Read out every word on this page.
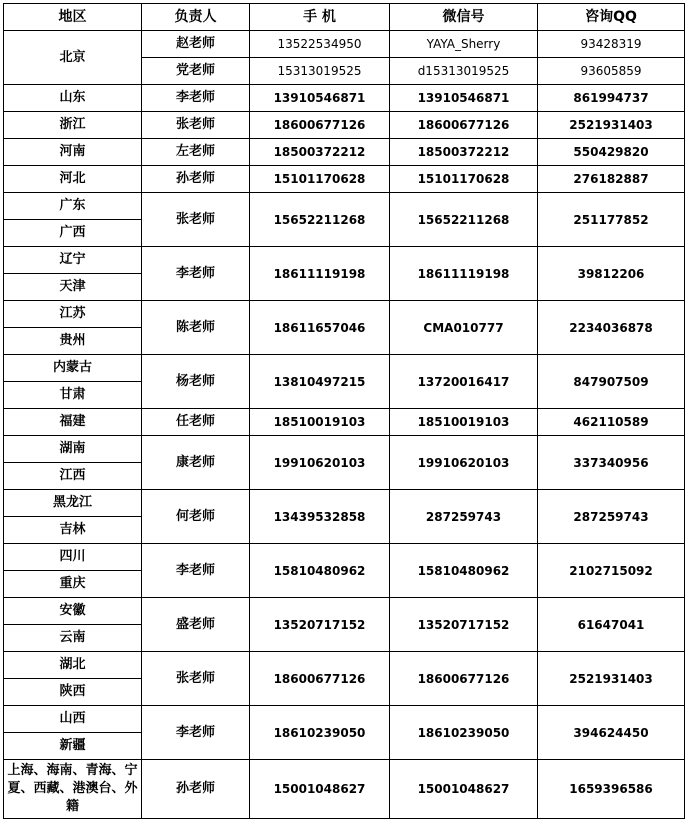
地区	负责人	手 机	微信号	咨询QQ
北京	赵老师	13522534950	YAYA_Sherry	93428319
	党老师	15313019525	d15313019525	93605859
山东	李老师	13910546871	13910546871	861994737
浙江	张老师	18600677126	18600677126	2521931403
河南	左老师	18500372212	18500372212	550429820
河北	孙老师	15101170628	15101170628	276182887
广东	张老师	15652211268	15652211268	251177852
广西				
辽宁	李老师	18611119198	18611119198	39812206
天津				
江苏	陈老师	18611657046	CMA010777	2234036878
贵州				
内蒙古	杨老师	13810497215	13720016417	847907509
甘肃				
福建	任老师	18510019103	18510019103	462110589
湖南	康老师	19910620103	19910620103	337340956
江西				
黑龙江	何老师	13439532858	287259743	287259743
吉林				
四川	李老师	15810480962	15810480962	2102715092
重庆				
安徽	盛老师	13520717152	13520717152	61647041
云南				
湖北	张老师	18600677126	18600677126	2521931403
陕西				
山西	李老师	18610239050	18610239050	394624450
新疆				
上海、海南、青海、宁夏、西藏、港澳台、外籍	孙老师	15001048627	15001048627	1659396586
